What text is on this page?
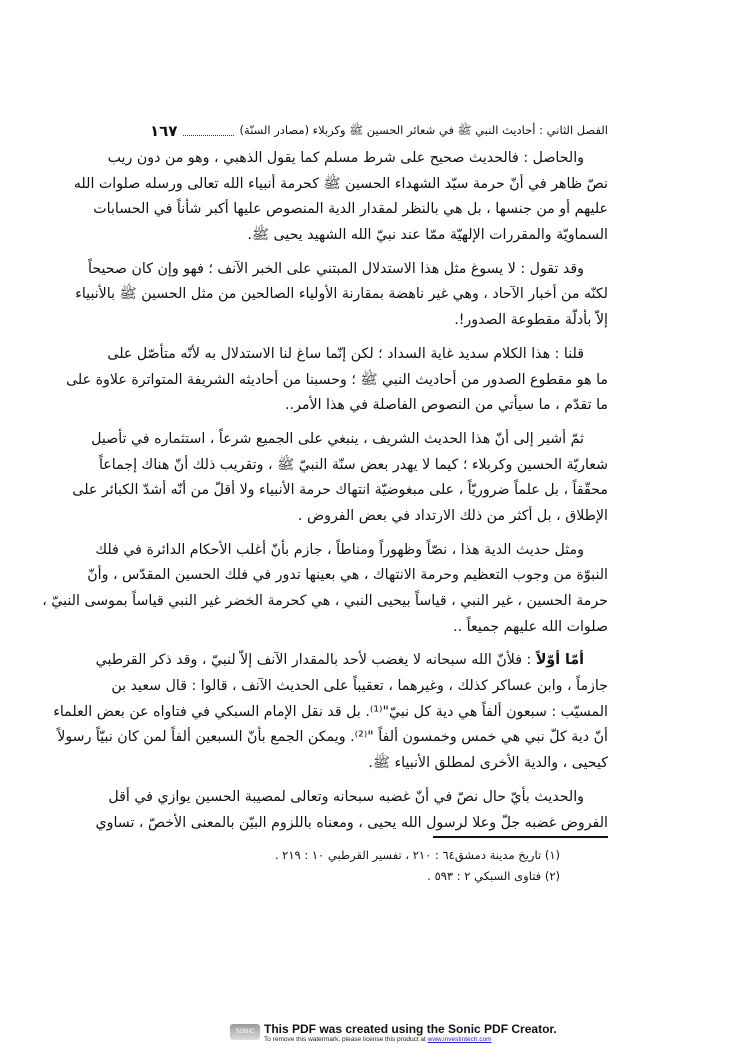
الفصل الثاني : أحاديث النبي ﷺ في شعائر الحسين ﷺ وكربلاء (مصادر السنّة)
١٦٧
والحاصل : فالحديث صحيح على شرط مسلم كما يقول الذهبي ، وهو من دون ريب
نصّ ظاهر في أنّ حرمة سيّد الشهداء الحسين ﷺ كحرمة أنبياء الله تعالى ورسله صلوات الله
عليهم أو من جنسها ، بل هي بالنظر لمقدار الدية المنصوص عليها أكبر شأناً في الحسابات
السماويّة والمقررات الإلهيّة ممّا عند نبيّ الله الشهيد يحيى ﷺ.
وقد تقول : لا يسوغ مثل هذا الاستدلال المبتني على الخبر الآنف ؛ فهو وإن كان صحيحاً
لكنّه من أخبار الآحاد ، وهي غير ناهضة بمقارنة الأولياء الصالحين من مثل الحسين ﷺ بالأنبياء
إلاّ بأدلّة مقطوعة الصدور!.
قلنا : هذا الكلام سديد غاية السداد ؛ لكن إنّما ساغ لنا الاستدلال به لأنّه متأصّل على
ما هو مقطوع الصدور من أحاديث النبي ﷺ ؛ وحسبنا من أحاديثه الشريفة المتواترة علاوة على
ما تقدّم ، ما سيأتي من النصوص الفاصلة في هذا الأمر..
ثمّ أشير إلى أنّ هذا الحديث الشريف ، ينبغي على الجميع شرعاً ، استثماره في تأصيل
شعاريّة الحسين وكربلاء ؛ كيما لا يهدر بعض سنّة النبيّ ﷺ ، وتقريب ذلك أنّ هناك إجماعاً
محقّقاً ، بل علماً ضروريّاً ، على مبغوضيّة انتهاك حرمة الأنبياء ولا أقلّ من أنّه أشدّ الكبائر على
الإطلاق ، بل أكثر من ذلك الارتداد في بعض الفروض .
ومثل حديث الدية هذا ، نصّاً وظهوراً ومناطاً ، جازم بأنّ أغلب الأحكام الدائرة في فلك
النبوّة من وجوب التعظيم وحرمة الانتهاك ، هي بعينها تدور في فلك الحسين المقدّس ، وأنّ
حرمة الحسين ، غير النبي ، قياساً بيحيى النبي ، هي كحرمة الخضر غير النبي قياساً بموسى النبيّ ،
صلوات الله عليهم جميعاً ..
أمّا أوّلاً : فلأنّ الله سبحانه لا يغضب لأحد بالمقدار الآنف إلاّ لنبيّ ، وقد ذكر القرطبي
جازماً ، وابن عساكر كذلك ، وغيرهما ، تعقيباً على الحديث الآنف ، قالوا : قال سعيد بن
المسيّب : سبعون ألفاً هي دية كل نبيّ"⁽¹⁾. بل قد نقل الإمام السبكي في فتاواه عن بعض العلماء
أنّ دية كلّ نبي هي خمس وخمسون ألفاً "⁽²⁾. ويمكن الجمع بأنّ السبعين ألفاً لمن كان نبيّاً رسولاً
كيحيى ، والدية الأخرى لمطلق الأنبياء ﷺ.
والحديث بأيّ حال نصّ في أنّ غضبه سبحانه وتعالى لمصيبة الحسين يوازي في أقل
الفروض غضبه جلّ وعلا لرسول الله يحيى ، ومعناه باللزوم البيّن بالمعنى الأخصّ ، تساوي
(١) تاريخ مدينة دمشق٦٤ : ٢١٠ ، تفسير القرطبي ١٠ : ٢١٩ .
(٢) فتاوى السبكي ٢ : ٥٩٣ .
SONIC PDF
This PDF was created using the Sonic PDF Creator.
To remove this watermark, please license this product at www.investintech.com
